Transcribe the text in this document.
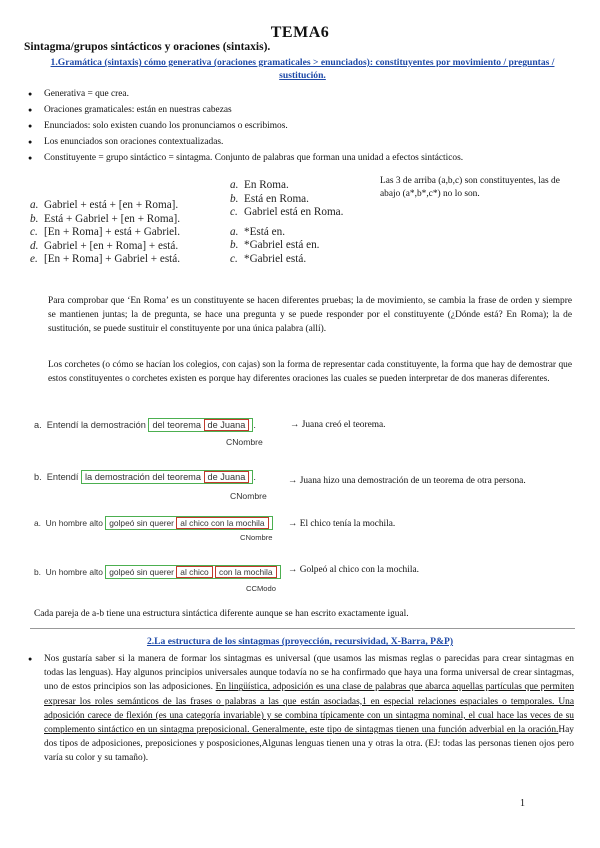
TEMA6
Sintagma/grupos sintácticos y oraciones (sintaxis).
1.Gramática (sintaxis) cómo generativa (oraciones gramaticales > enunciados): constituyentes por movimiento / preguntas / sustitución.
● Generativa = que crea.
● Oraciones gramaticales: están en nuestras cabezas
● Enunciados: solo existen cuando los pronunciamos o escribimos.
● Los enunciados son oraciones contextualizadas.
● Constituyente = grupo sintáctico = sintagma. Conjunto de palabras que forman una unidad a efectos sintácticos.
a. Gabriel + está + [en + Roma].
b. Está + Gabriel + [en + Roma].
c. [En + Roma] + está + Gabriel.
d. Gabriel + [en + Roma] + está.
e. [En + Roma] + Gabriel + está.
a. En Roma.
b. Está en Roma.
c. Gabriel está en Roma.
a. *Está en.
b. *Gabriel está en.
c. *Gabriel está.
Las 3 de arriba (a,b,c) son constituyentes, las de abajo (a*,b*,c*) no lo son.
Para comprobar que ‘En Roma’ es un constituyente se hacen diferentes pruebas; la de movimiento, se cambia la frase de orden y siempre se mantienen juntas; la de pregunta, se hace una pregunta y se puede responder por el constituyente (¿Dónde está? En Roma); la de sustitución, se puede sustituir el constituyente por una única palabra (allí).
Los corchetes (o cómo se hacían los colegios, con cajas) son la forma de representar cada constituyente, la forma que hay de demostrar que estos constituyentes o corchetes existen es porque hay diferentes oraciones las cuales se pueden interpretar de dos maneras diferentes.
a. Entendí la demostración del teorema de Juana .
CNombre
→ Juana creó el teorema.
b. Entendí la demostración del teorema de Juana .
CNombre
→ Juana hizo una demostración de un teorema de otra persona.
a. Un hombre alto golpeó sin querer al chico con la mochila
CNombre
→ El chico tenía la mochila.
b. Un hombre alto golpeó sin querer al chico con la mochila
CCModo
→ Golpeó al chico con la mochila.
Cada pareja de a-b tiene una estructura sintáctica diferente aunque se han escrito exactamente igual.
2.La estructura de los sintagmas (proyección, recursividad, X-Barra, P&P)
● Nos gustaría saber si la manera de formar los sintagmas es universal (que usamos las mismas reglas o parecidas para crear sintagmas en todas las lenguas). Hay algunos principios universales aunque todavía no se ha confirmado que haya una forma universal de crear sintagmas, uno de estos principios son las adposiciones. En lingüística, adposición es una clase de palabras que abarca aquellas partículas que permiten expresar los roles semánticos de las frases o palabras a las que están asociadas,1 en especial relaciones espaciales o temporales. Una adposición carece de flexión (es una categoría invariable) y se combina típicamente con un sintagma nominal, el cual hace las veces de su complemento sintáctico en un sintagma preposicional. Generalmente, este tipo de sintagmas tienen una función adverbial en la oración.Hay dos tipos de adposiciones, preposiciones y posposiciones,Algunas lenguas tienen una y otras la otra. (EJ: todas las personas tienen ojos pero varía su color y su tamaño).
1
